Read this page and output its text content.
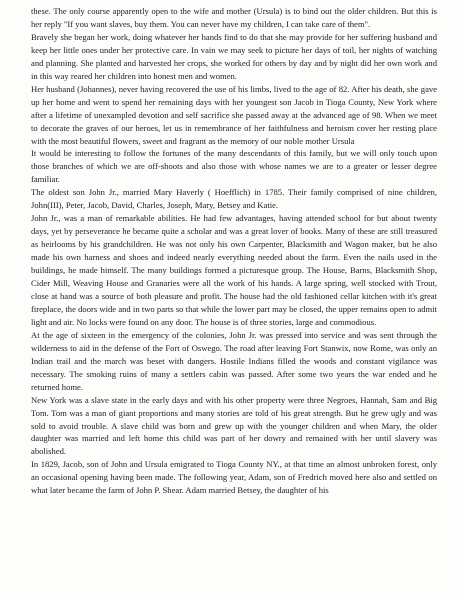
these. The only course apparently open to the wife and mother (Ursula) is to bind out the older children. But this is her reply "If you want slaves, buy them. You can never have my children, I can take care of them".

Bravely she began her work, doing whatever her hands find to do that she may provide for her suffering husband and keep her little ones under her protective care. In vain we may seek to picture her days of toil, her nights of watching and planning. She planted and harvested her crops, she worked for others by day and by night did her own work and in this way reared her children into honest men and women.

Her husband (Johannes), never having recovered the use of his limbs, lived to the age of 82. After his death, she gave up her home and went to spend her remaining days with her youngest son Jacob in Tioga County, New York where after a lifetime of unexampled devotion and self sacrifice she passed away at the advanced age of 98. When we meet to decorate the graves of our heroes, let us in remembrance of her faithfulness and heroism cover her resting place with the most beautiful flowers, sweet and fragrant as the memory of our noble mother Ursula

It would be interesting to follow the fortunes of the many descendants of this family, but we will only touch upon those branches of which we are off-shoots and also those with whose names we are to a greater or lesser degree familiar.

The oldest son John Jr., married Mary Haverly ( Hoefflich) in 1785. Their family comprised of nine children, John(III), Peter, Jacob, David, Charles, Joseph, Mary, Betsey and Katie.

John Jr., was a man of remarkable abilities. He had few advantages, having attended school for but about twenty days, yet by perseverance he became quite a scholar and was a great lover of books. Many of these are still treasured as heirlooms by his grandchildren. He was not only his own Carpenter, Blacksmith and Wagon maker, but he also made his own harness and shoes and indeed nearly everything needed about the farm. Even the nails used in the buildings, he made himself. The many buildings formed a picturesque group. The House, Barns, Blacksmith Shop, Cider Mill, Weaving House and Granaries were all the work of his hands. A large spring, well stocked with Trout, close at hand was a source of both pleasure and profit. The house had the old fashioned cellar kitchen with it's great fireplace, the doors wide and in two parts so that while the lower part may be closed, the upper remains open to admit light and air. No locks were found on any door. The house is of three stories, large and commodious.

At the age of sixteen in the emergency of the colonies, John Jr. was pressed into service and was sent through the wilderness to aid in the defense of the Fort of Oswego. The road after leaving Fort Stanwix, now Rome, was only an Indian trail and the march was beset with dangers. Hostile Indians filled the woods and constant vigilance was necessary. The smoking ruins of many a settlers cabin was passed. After some two years the war ended and he returned home.

New York was a slave state in the early days and with his other property were three Negroes, Hannah, Sam and Big Tom. Tom was a man of giant proportions and many stories are told of his great strength. But he grew ugly and was sold to avoid trouble. A slave child was born and grew up with the younger children and when Mary, the older daughter was married and left home this child was part of her dowry and remained with her until slavery was abolished.

In 1829, Jacob, son of John and Ursula emigrated to Tioga County NY., at that time an almost unbroken forest, only an occasional opening having been made. The following year, Adam, son of Fredrich moved here also and settled on what later became the farm of John P. Shear. Adam married Betsey, the daughter of his
